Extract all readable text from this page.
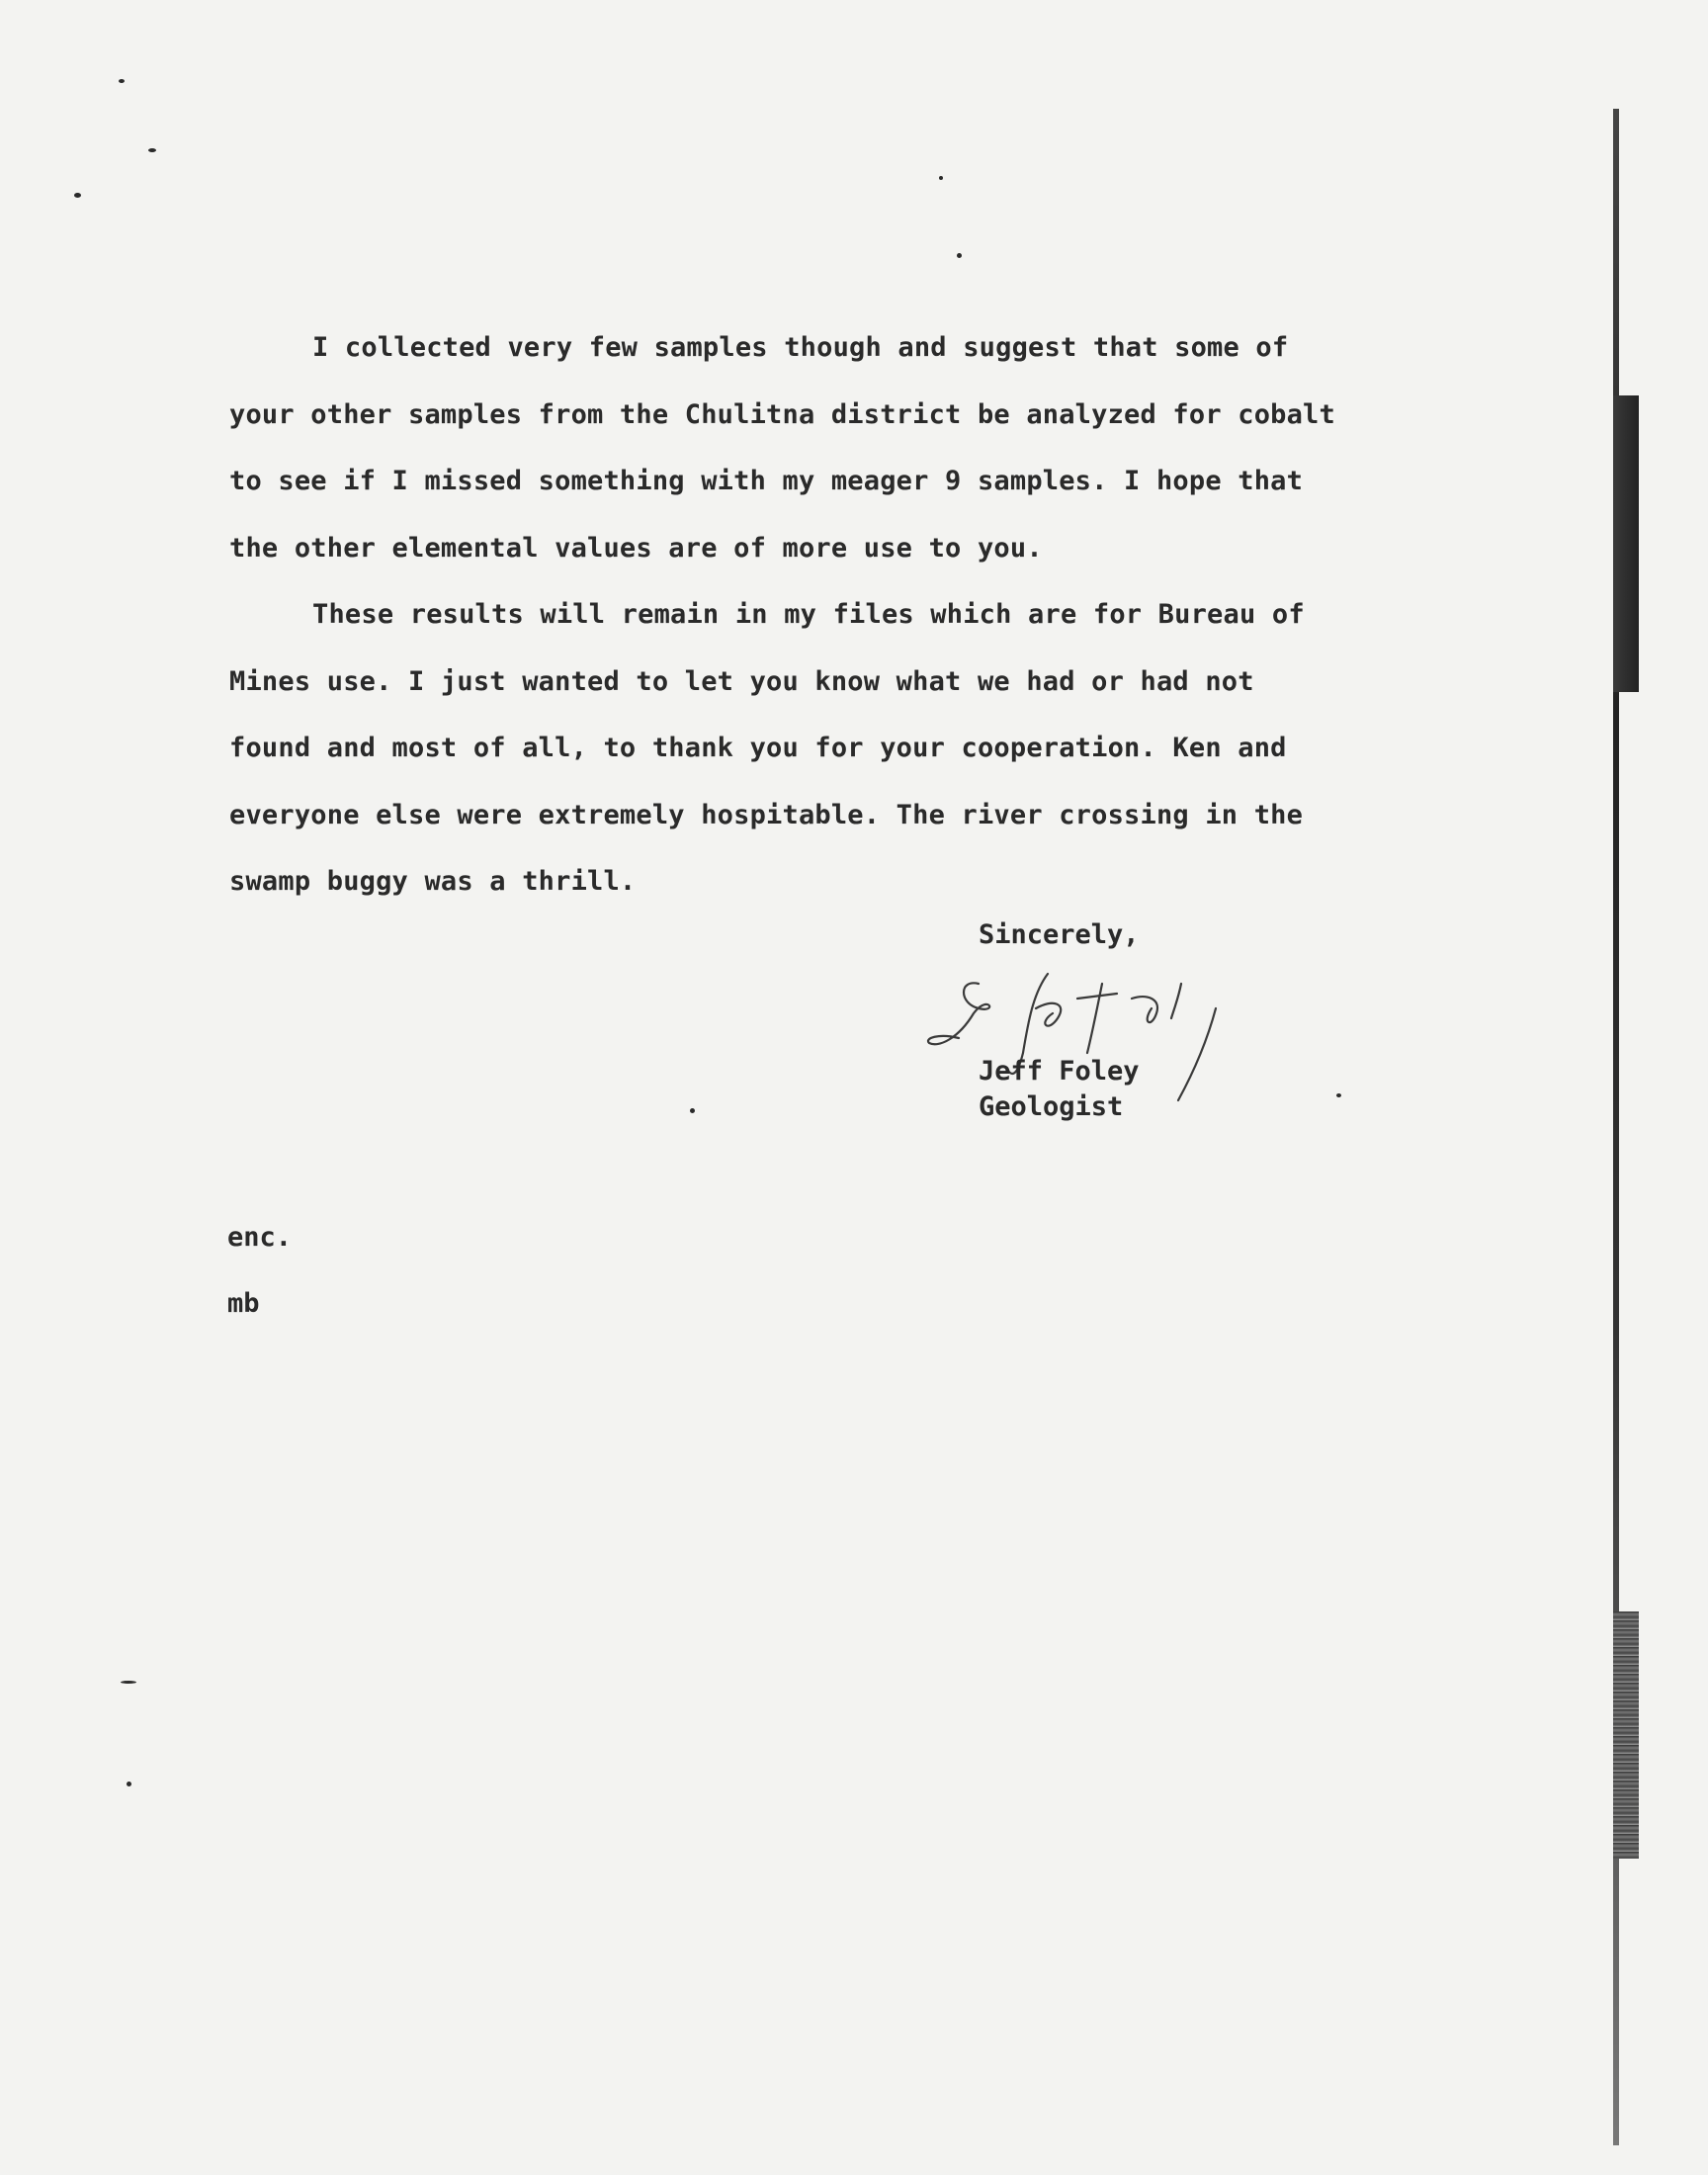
I collected very few samples though and suggest that some of
your other samples from the Chulitna district be analyzed for cobalt
to see if I missed something with my meager 9 samples. I hope that
the other elemental values are of more use to you.

These results will remain in my files which are for Bureau of
Mines use. I just wanted to let you know what we had or had not
found and most of all, to thank you for your cooperation. Ken and
everyone else were extremely hospitable. The river crossing in the
swamp buggy was a thrill.

Sincerely,
Jeff Foley
Geologist
enc.
mb
